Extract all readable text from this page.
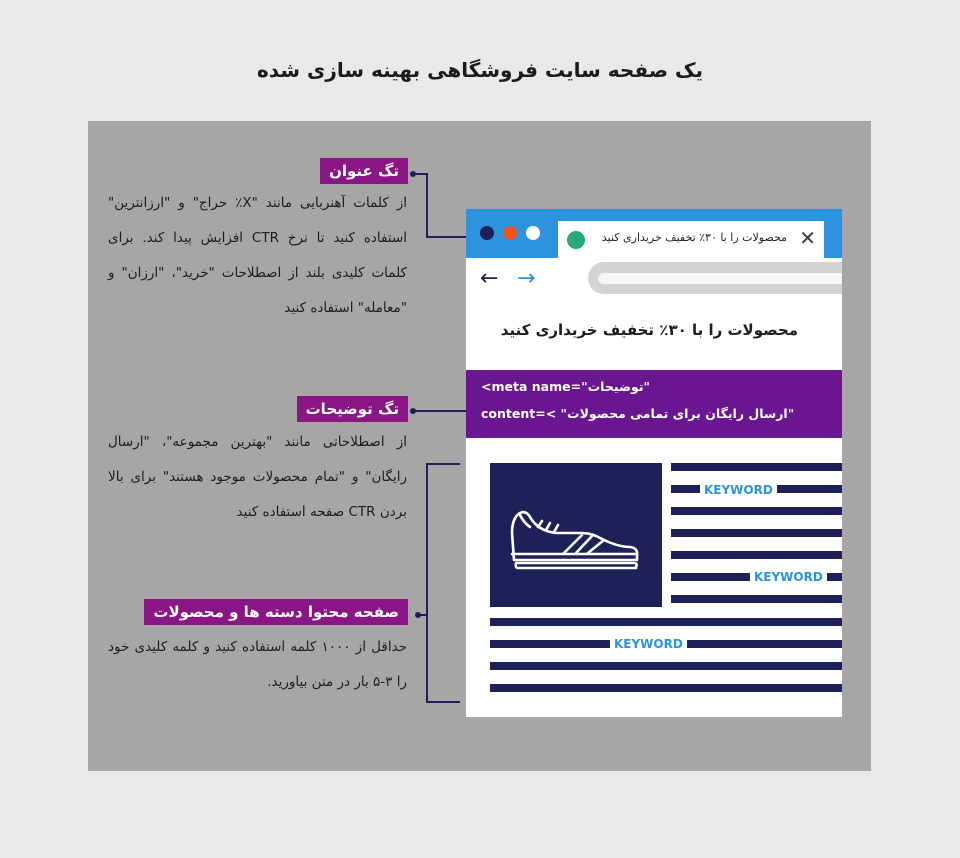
یک صفحه سایت فروشگاهی بهینه سازی شده
تگ عنوان
از کلمات آهنربایی مانند "X٪ حراج" و "ارزانترین" استفاده کنید تا نرخ CTR افزایش پیدا کند. برای کلمات کلیدی بلند از اصطلاحات "خرید"، "ارزان" و "معامله" استفاده کنید
تگ توضیحات
از اصطلاحاتی مانند "بهترین مجموعه"، "ارسال رایگان" و "تمام محصولات موجود هستند" برای بالا بردن CTR صفحه استفاده کنید
صفحه محتوا دسته ها و محصولات
حداقل از ۱۰۰۰ کلمه استفاده کنید و کلمه کلیدی خود را ۳-۵ بار در متن بیاورید.
محصولات را با ۳۰٪ تخفیف خریداری کنید ✕
← →
محصولات را با ۳۰٪ تخفیف خریداری کنید
<meta name="توضیحات"
content="ارسال رایگان برای تمامی محصولات" >
KEYWORD
KEYWORD
KEYWORD
